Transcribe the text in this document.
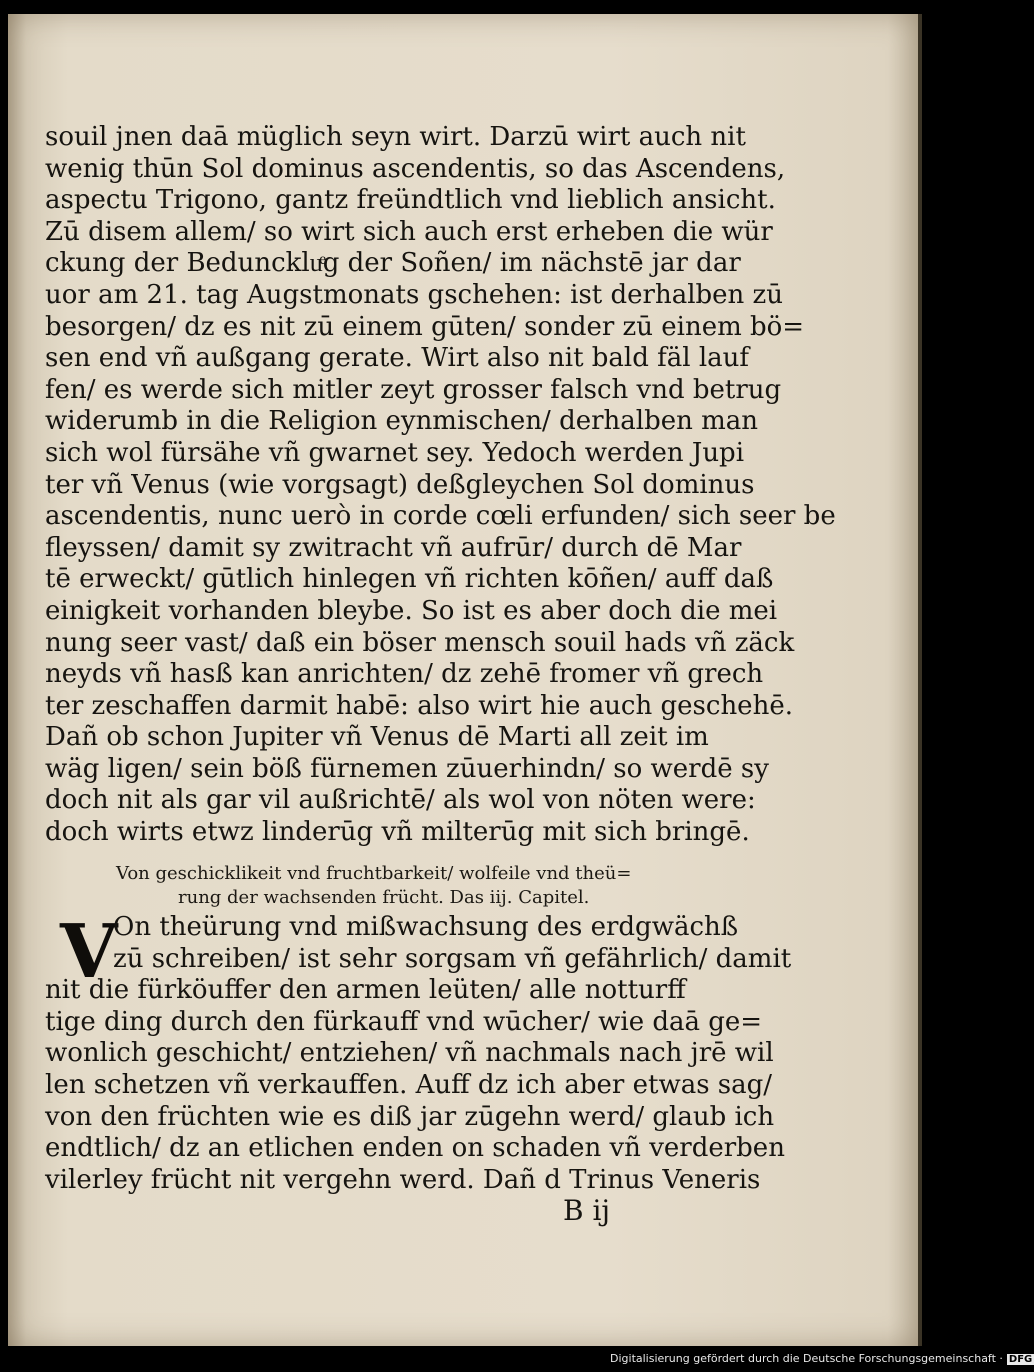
souil jnen daā müglich seyn wirt. Darzū wirt auch nit
wenig thūn Sol dominus ascendentis, so das Ascendens,
aspectu Trigono, gantz freündtlich vnd lieblich ansicht.
Zū disem allem/ so wirt sich auch erst erheben die wür
ckung der Bedunckluͤg der Soñen/ im nächstē jar dar
uor am 21. tag Augstmonats gschehen: ist derhalben zū
besorgen/ dz es nit zū einem gūten/ sonder zū einem bö=
sen end vñ außgang gerate. Wirt also nit bald fäl lauf
fen/ es werde sich mitler zeyt grosser falsch vnd betrug
widerumb in die Religion eynmischen/ derhalben man
sich wol fürsähe vñ gwarnet sey. Yedoch werden Jupi
ter vñ Venus (wie vorgsagt) deßgleychen Sol dominus
ascendentis, nunc uerò in corde cœli erfunden/ sich seer be
fleyssen/ damit sy zwitracht vñ aufrūr/ durch dē Mar
tē erweckt/ gūtlich hinlegen vñ richten kōñen/ auff daß
einigkeit vorhanden bleybe. So ist es aber doch die mei
nung seer vast/ daß ein böser mensch souil hads vñ zäck
neyds vñ hasß kan anrichten/ dz zehē fromer vñ grech
ter zeschaffen darmit habē: also wirt hie auch geschehē.
Dañ ob schon Jupiter vñ Venus dē Marti all zeit im
wäg ligen/ sein böß fürnemen zūuerhindn/ so werdē sy
doch nit als gar vil außrichtē/ als wol von nöten were:
doch wirts etwz linderūg vñ milterūg mit sich bringē.
Von geschicklikeit vnd fruchtbarkeit/ wolfeile vnd theü=
rung der wachsenden frücht. Das iij. Capitel.
V
On theürung vnd mißwachsung des erdgwächß
zū schreiben/ ist sehr sorgsam vñ gefährlich/ damit
nit die fürköuffer den armen leüten/ alle notturff
tige ding durch den fürkauff vnd wūcher/ wie daā ge=
wonlich geschicht/ entziehen/ vñ nachmals nach jrē wil
len schetzen vñ verkauffen. Auff dz ich aber etwas sag/
von den früchten wie es diß jar zūgehn werd/ glaub ich
endtlich/ dz an etlichen enden on schaden vñ verderben
vilerley frücht nit vergehn werd. Dañ d Trinus Veneris
B ij
Digitalisierung gefördert durch die Deutsche Forschungsgemeinschaft · DFG
